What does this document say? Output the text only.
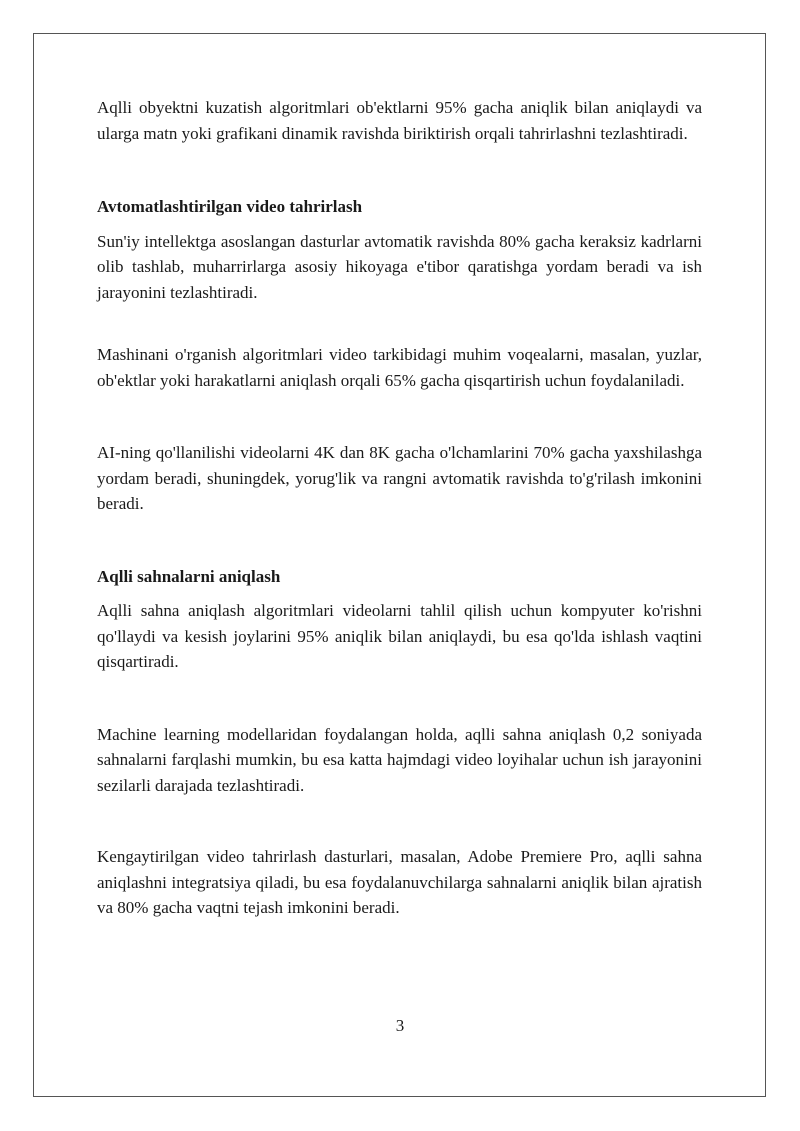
Aqlli obyektni kuzatish algoritmlari ob'ektlarni 95% gacha aniqlik bilan aniqlaydi va ularga matn yoki grafikani dinamik ravishda biriktirish orqali tahrirlashni tezlashtiradi.

Avtomatlashtirilgan video tahrirlash

Sun'iy intellektga asoslangan dasturlar avtomatik ravishda 80% gacha keraksiz kadrlarni olib tashlab, muharrirlarga asosiy hikoyaga e'tibor qaratishga yordam beradi va ish jarayonini tezlashtiradi.

Mashinani o'rganish algoritmlari video tarkibidagi muhim voqealarni, masalan, yuzlar, ob'ektlar yoki harakatlarni aniqlash orqali 65% gacha qisqartirish uchun foydalaniladi.

AI-ning qo'llanilishi videolarni 4K dan 8K gacha o'lchamlarini 70% gacha yaxshilashga yordam beradi, shuningdek, yorug'lik va rangni avtomatik ravishda to'g'rilash imkonini beradi.

Aqlli sahnalarni aniqlash

Aqlli sahna aniqlash algoritmlari videolarni tahlil qilish uchun kompyuter ko'rishni qo'llaydi va kesish joylarini 95% aniqlik bilan aniqlaydi, bu esa qo'lda ishlash vaqtini qisqartiradi.

Machine learning modellaridan foydalangan holda, aqlli sahna aniqlash 0,2 soniyada sahnalarni farqlashi mumkin, bu esa katta hajmdagi video loyihalar uchun ish jarayonini sezilarli darajada tezlashtiradi.

Kengaytirilgan video tahrirlash dasturlari, masalan, Adobe Premiere Pro, aqlli sahna aniqlashni integratsiya qiladi, bu esa foydalanuvchilarga sahnalarni aniqlik bilan ajratish va 80% gacha vaqtni tejash imkonini beradi.

3
